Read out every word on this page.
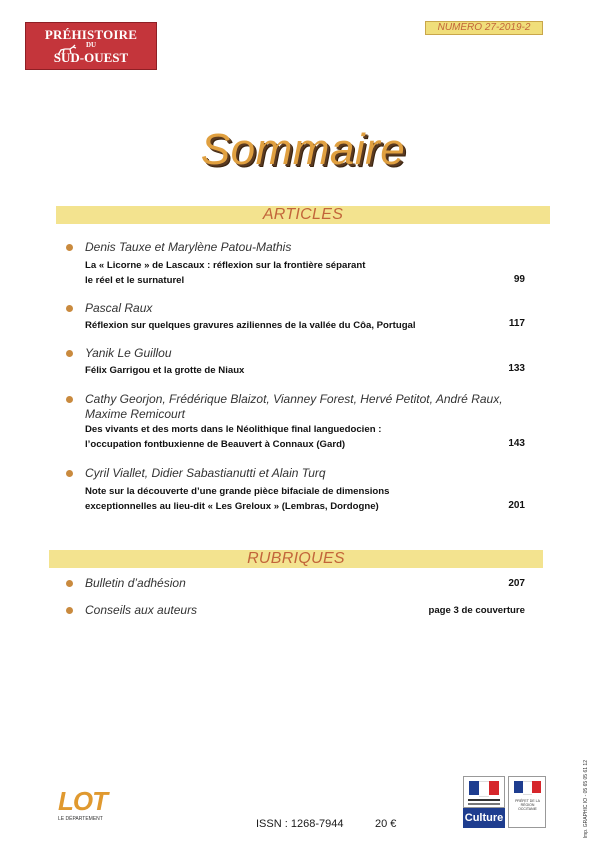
PRÉHISTOIRE
DU
SUD-OUEST
NUMERO 27-2019-2
Sommaire
ARTICLES
Denis Tauxe et Marylène Patou-Mathis
La « Licorne » de Lascaux : réflexion sur la frontière séparant
le réel et le surnaturel	99
Pascal Raux
Réflexion sur quelques gravures aziliennes de la vallée du Côa, Portugal	117
Yanik Le Guillou
Félix Garrigou et la grotte de Niaux	133
Cathy Georjon, Frédérique Blaizot, Vianney Forest, Hervé Petitot, André Raux,
Maxime Remicourt
Des vivants et des morts dans le Néolithique final languedocien :
l’occupation fontbuxienne de Beauvert à Connaux (Gard)	143
Cyril Viallet, Didier Sabastianutti et Alain Turq
Note sur la découverte d’une grande pièce bifaciale de dimensions
exceptionnelles au lieu-dit « Les Greloux » (Lembras, Dordogne)	201
RUBRIQUES
Bulletin d’adhésion	207
Conseils aux auteurs	page 3 de couverture
LOT
LE DÉPARTEMENT	ISSN : 1268-7944	20 €	Culture
PRÉFET DE LA RÉGION OCCITANIE	Imp. GRAPHIC IO - 05 65 05 61 12
